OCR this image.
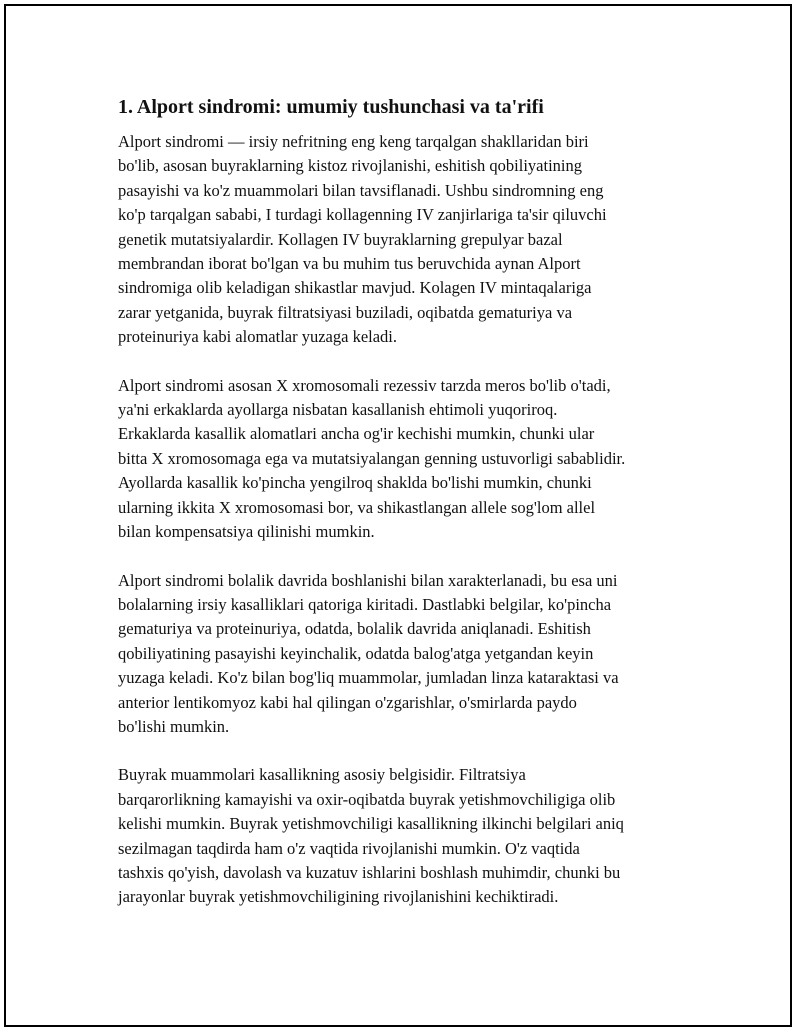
1. Alport sindromi: umumiy tushunchasi va ta'rifi

Alport sindromi — irsiy nefritning eng keng tarqalgan shakllaridan biri
bo'lib, asosan buyraklarning kistoz rivojlanishi, eshitish qobiliyatining
pasayishi va ko'z muammolari bilan tavsiflanadi. Ushbu sindromning eng
ko'p tarqalgan sababi, I turdagi kollagenning IV zanjirlariga ta'sir qiluvchi
genetik mutatsiyalardir. Kollagen IV buyraklarning grepulyar bazal
membrandan iborat bo'lgan va bu muhim tus beruvchida aynan Alport
sindromiga olib keladigan shikastlar mavjud. Kolagen IV mintaqalariga
zarar yetganida, buyrak filtratsiyasi buziladi, oqibatda gematuriya va
proteinuriya kabi alomatlar yuzaga keladi.

Alport sindromi asosan X xromosomali rezessiv tarzda meros bo'lib o'tadi,
ya'ni erkaklarda ayollarga nisbatan kasallanish ehtimoli yuqoriroq.
Erkaklarda kasallik alomatlari ancha og'ir kechishi mumkin, chunki ular
bitta X xromosomaga ega va mutatsiyalangan genning ustuvorligi sabablidir.
Ayollarda kasallik ko'pincha yengilroq shaklda bo'lishi mumkin, chunki
ularning ikkita X xromosomasi bor, va shikastlangan allele sog'lom allel
bilan kompensatsiya qilinishi mumkin.

Alport sindromi bolalik davrida boshlanishi bilan xarakterlanadi, bu esa uni
bolalarning irsiy kasalliklari qatoriga kiritadi. Dastlabki belgilar, ko'pincha
gematuriya va proteinuriya, odatda, bolalik davrida aniqlanadi. Eshitish
qobiliyatining pasayishi keyinchalik, odatda balog'atga yetgandan keyin
yuzaga keladi. Ko'z bilan bog'liq muammolar, jumladan linza kataraktasi va
anterior lentikomyoz kabi hal qilingan o'zgarishlar, o'smirlarda paydo
bo'lishi mumkin.

Buyrak muammolari kasallikning asosiy belgisidir. Filtratsiya
barqarorlikning kamayishi va oxir-oqibatda buyrak yetishmovchiligiga olib
kelishi mumkin. Buyrak yetishmovchiligi kasallikning ilkinchi belgilari aniq
sezilmagan taqdirda ham o'z vaqtida rivojlanishi mumkin. O'z vaqtida
tashxis qo'yish, davolash va kuzatuv ishlarini boshlash muhimdir, chunki bu
jarayonlar buyrak yetishmovchiligining rivojlanishini kechiktiradi.
